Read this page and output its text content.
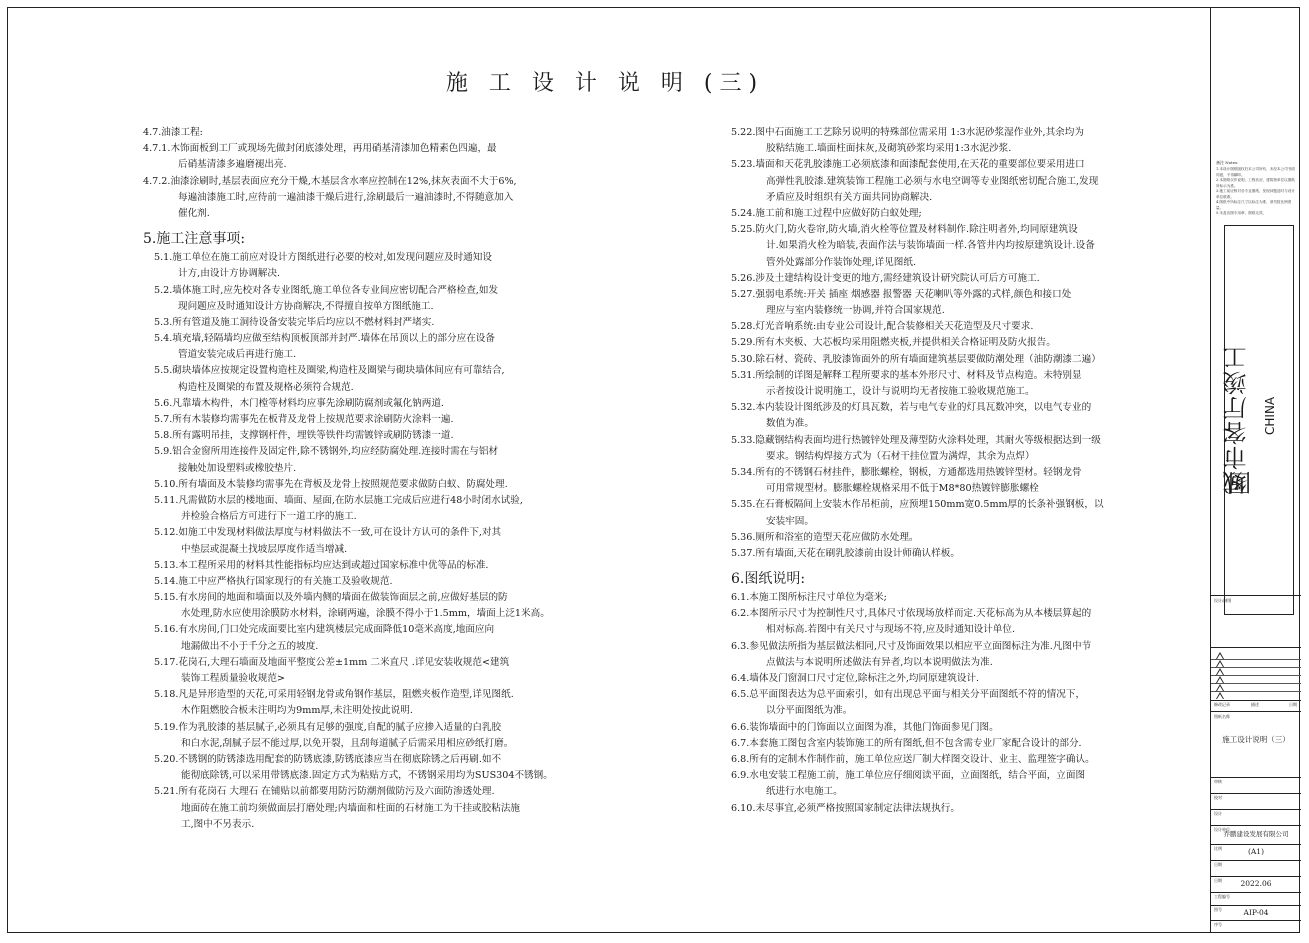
施 工 设 计 说 明 (三)
4.7.油漆工程:
4.7.1.木饰面板到工厂或现场先做封闭底漆处理，再用硝基清漆加色精素色四遍，最
后硝基清漆多遍磨褪出亮.
4.7.2.油漆涂刷时,基层表面应充分干燥,木基层含水率应控制在12%,抹灰表面不大于6%,
每遍油漆施工时,应待前一遍油漆干燥后进行,涂刷最后一遍油漆时,不得随意加入
催化剂.
5.施工注意事项:
5.1.施工单位在施工前应对设计方图纸进行必要的校对,如发现问题应及时通知设
计方,由设计方协调解决.
5.2.墙体施工时,应先校对各专业图纸,施工单位各专业间应密切配合严格检查,如发
现问题应及时通知设计方协商解决,不得擅自按单方图纸施工.
5.3.所有管道及施工洞待设备安装完毕后均应以不燃材料封严堵实.
5.4.填充墙,轻隔墙均应做至结构顶板顶部并封严.墙体在吊顶以上的部分应在设备
管道安装完成后再进行施工.
5.5.砌块墙体应按规定设置构造柱及圈梁,构造柱及圈梁与砌块墙体间应有可靠结合,
构造柱及圈梁的布置及规格必须符合规范.
5.6.凡靠墙木构件，木门樘等材料均应事先涂刷防腐剂或氟化钠两道.
5.7.所有木装修均需事先在板背及龙骨上按规范要求涂刷防火涂料一遍.
5.8.所有露明吊挂，支撑钢杆件，埋铁等铁件均需镀锌或刷防锈漆一道.
5.9.铝合金窗所用连接件及固定件,除不锈钢外,均应经防腐处理.连接时需在与铝材
接触处加设塑料或橡胶垫片.
5.10.所有墙面及木装修均需事先在背板及龙骨上按照规范要求做防白蚁、防腐处理.
5.11.凡需做防水层的楼地面、墙面、屋面,在防水层施工完成后应进行48小时闭水试验,
并检验合格后方可进行下一道工序的施工.
5.12.如施工中发现材料做法厚度与材料做法不一致,可在设计方认可的条件下,对其
中垫层或混凝土找坡层厚度作适当增减.
5.13.本工程所采用的材料其性能指标均应达到或超过国家标准中优等品的标准.
5.14.施工中应严格执行国家现行的有关施工及验收规范.
5.15.有水房间的地面和墙面以及外墙内侧的墙面在做装饰面层之前,应做好基层的防
水处理,防水应使用涂膜防水材料，涂刷两遍，涂膜不得小于1.5mm，墙面上泛1米高。
5.16.有水房间,门口处完成面要比室内建筑楼层完成面降低10毫米高度,地面应向
地漏做出不小于千分之五的坡度.
5.17.花岗石,大理石墙面及地面平整度公差±1mm 二米直尺 .详见安装收规范<建筑
装饰工程质量验收规范>
5.18.凡是异形造型的天花,可采用轻钢龙骨或角钢作基层，阻燃夹板作造型,详见图纸.
木作阻燃胶合板未注明均为9mm厚,未注明处按此说明.
5.19.作为乳胶漆的基层腻子,必须具有足够的强度,自配的腻子应掺入适量的白乳胶
和白水泥,刮腻子层不能过厚,以免开裂，且刮每道腻子后需采用相应砂纸打磨。
5.20.不锈钢的防锈漆选用配套的防锈底漆,防锈底漆应当在彻底除锈之后再刷.如不
能彻底除锈,可以采用带锈底漆.固定方式为粘贴方式，不锈钢采用均为SUS304不锈钢。
5.21.所有花岗石 大理石 在铺贴以前都要用防污防潮剂做防污及六面防渗透处理.
地面砖在施工前均须做面层打磨处理;内墙面和柱面的石材施工为干挂或胶粘法施
工,图中不另表示.
5.22.图中石面施工工艺除另说明的特殊部位需采用 1:3水泥砂浆湿作业外,其余均为
胶粘结施工.墙面柱面抹灰,及砌筑砂浆均采用1:3水泥沙浆.
5.23.墙面和天花乳胶漆施工必须底漆和面漆配套使用,在天花的重要部位要采用进口
高弹性乳胶漆.建筑装饰工程施工必须与水电空调等专业图纸密切配合施工,发现
矛盾应及时组织有关方面共同协商解决.
5.24.施工前和施工过程中应做好防白蚁处理;
5.25.防火门,防火卷帘,防火墙,消火栓等位置及材料制作.除注明者外,均同原建筑设
计.如果消火栓为暗装,表面作法与装饰墙面一样.各管井内均按原建筑设计.设备
管外处露部分作装饰处理,详见图纸.
5.26.涉及土建结构设计变更的地方,需经建筑设计研究院认可后方可施工.
5.27.强弱电系统:开关 插座 烟感器 报警器 天花喇叭等外露的式样,颜色和接口处
理应与室内装修统一协调,并符合国家规范.
5.28.灯光音响系统:由专业公司设计,配合装修相关天花造型及尺寸要求.
5.29.所有木夹板、大芯板均采用阻燃夹板,并提供相关合格证明及防火报告。
5.30.除石材、瓷砖、乳胶漆饰面外的所有墙面建筑基层要做防潮处理（油防潮漆二遍）
5.31.所绘制的详图是解释工程所要求的基本外形尺寸、材料及节点构造。未特别显
示者按设计说明施工，设计与说明均无者按施工验收规范施工。
5.32.本内装设计图纸涉及的灯具瓦数，若与电气专业的灯具瓦数冲突，以电气专业的
数值为准。
5.33.隐藏钢结构表面均进行热镀锌处理及薄型防火涂料处理，其耐火等级根据达到一级
要求。钢结构焊接方式为（石材干挂位置为满焊，其余为点焊）
5.34.所有的不锈钢石材挂件，膨胀螺栓，钢板，方通都选用热镀锌型材。轻钢龙骨
可用常规型材。膨胀螺栓规格采用不低于M8*80热镀锌膨胀螺栓
5.35.在石膏板隔间上安装木作吊柜前，应预埋150mm宽0.5mm厚的长条补强钢板，以
安装牢固。
5.36.厕所和浴室的造型天花应做防水处理。
5.37.所有墙面,天花在刷乳胶漆前由设计师确认样板。
6.图纸说明:
6.1.本施工图所标注尺寸单位为毫米;
6.2.本图所示尺寸为控制性尺寸,具体尺寸依现场放样而定.天花标高为从本楼层算起的
相对标高.若图中有关尺寸与现场不符,应及时通知设计单位.
6.3.参见做法所指为基层做法相同,尺寸及饰面效果以相应平立面图标注为准.凡图中节
点做法与本说明所述做法有异者,均以本说明做法为准.
6.4.墙体及门窗洞口尺寸定位,除标注之外,均同原建筑设计.
6.5.总平面图表达为总平面索引，如有出现总平面与相关分平面图纸不符的情况下，
以分平面图纸为准。
6.6.装饰墙面中的门饰面以立面图为准，其他门饰面参见门图。
6.7.本套施工图包含室内装饰施工的所有图纸,但不包含需专业厂家配合设计的部分.
6.8.所有的定制木作制作前，施工单位应送厂制大样图交设计、业主、监理签字确认。
6.9.水电安装工程施工前，施工单位应仔细阅读平面，立面图纸，结合平面，立面图
纸进行水电施工。
6.10.未尽事宜,必须严格按照国家制定法律法规执行。
备注 Notes:
1.本设计图纸版权归本公司所有，未经本公司书面同意，不得翻印。
2.本图纸仅作说明，工程状况、建筑物单位以图纸所标示为准。
3.施工前应核对各专业图纸，发现问题及时与设计单位联系。
4.图纸中所标注尺寸以标注为准，请勿按比例度量。
5.未盖出图专用章，图纸无效。
城市客厅竣工图
CHINA
设计/制图
修改记录	描述	日期
图纸名称
施工设计说明（三）
审核
校对
设计
设计单位
乔鹏建设发展有限公司
比例	(A1)
日期
日期	2022.06
工程编号
图号	AIP-04
序号
